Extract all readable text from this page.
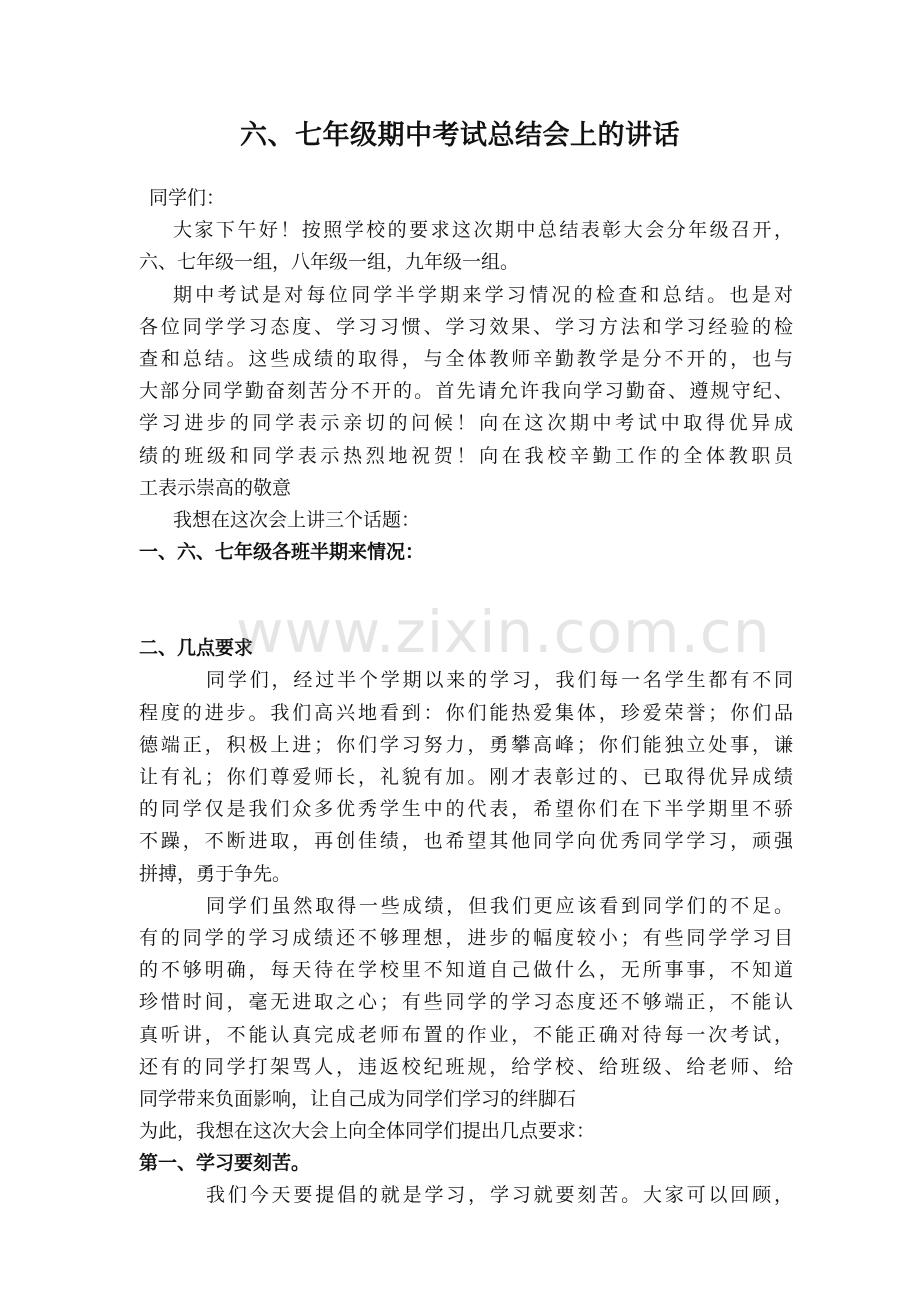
六、七年级期中考试总结会上的讲话
同学们：
大家下午好！按照学校的要求这次期中总结表彰大会分年级召开，
六、七年级一组，八年级一组，九年级一组。
期中考试是对每位同学半学期来学习情况的检查和总结。也是对
各位同学学习态度、学习习惯、学习效果、学习方法和学习经验的检
查和总结。这些成绩的取得，与全体教师辛勤教学是分不开的，也与
大部分同学勤奋刻苦分不开的。首先请允许我向学习勤奋、遵规守纪、
学习进步的同学表示亲切的问候！向在这次期中考试中取得优异成
绩的班级和同学表示热烈地祝贺！向在我校辛勤工作的全体教职员
工表示崇高的敬意
我想在这次会上讲三个话题：
一、六、七年级各班半期来情况：
二、几点要求
同学们，经过半个学期以来的学习，我们每一名学生都有不同
程度的进步。我们高兴地看到：你们能热爱集体，珍爱荣誉；你们品
德端正，积极上进；你们学习努力，勇攀高峰；你们能独立处事，谦
让有礼；你们尊爱师长，礼貌有加。刚才表彰过的、已取得优异成绩
的同学仅是我们众多优秀学生中的代表，希望你们在下半学期里不骄
不躁，不断进取，再创佳绩，也希望其他同学向优秀同学学习，顽强
拼搏，勇于争先。
同学们虽然取得一些成绩，但我们更应该看到同学们的不足。
有的同学的学习成绩还不够理想，进步的幅度较小；有些同学学习目
的不够明确，每天待在学校里不知道自己做什么，无所事事，不知道
珍惜时间，毫无进取之心；有些同学的学习态度还不够端正，不能认
真听讲，不能认真完成老师布置的作业，不能正确对待每一次考试，
还有的同学打架骂人，违返校纪班规，给学校、给班级、给老师、给
同学带来负面影响，让自己成为同学们学习的绊脚石
为此，我想在这次大会上向全体同学们提出几点要求：
第一、学习要刻苦。
我们今天要提倡的就是学习，学习就要刻苦。大家可以回顾，
www.zixin.com.cn
